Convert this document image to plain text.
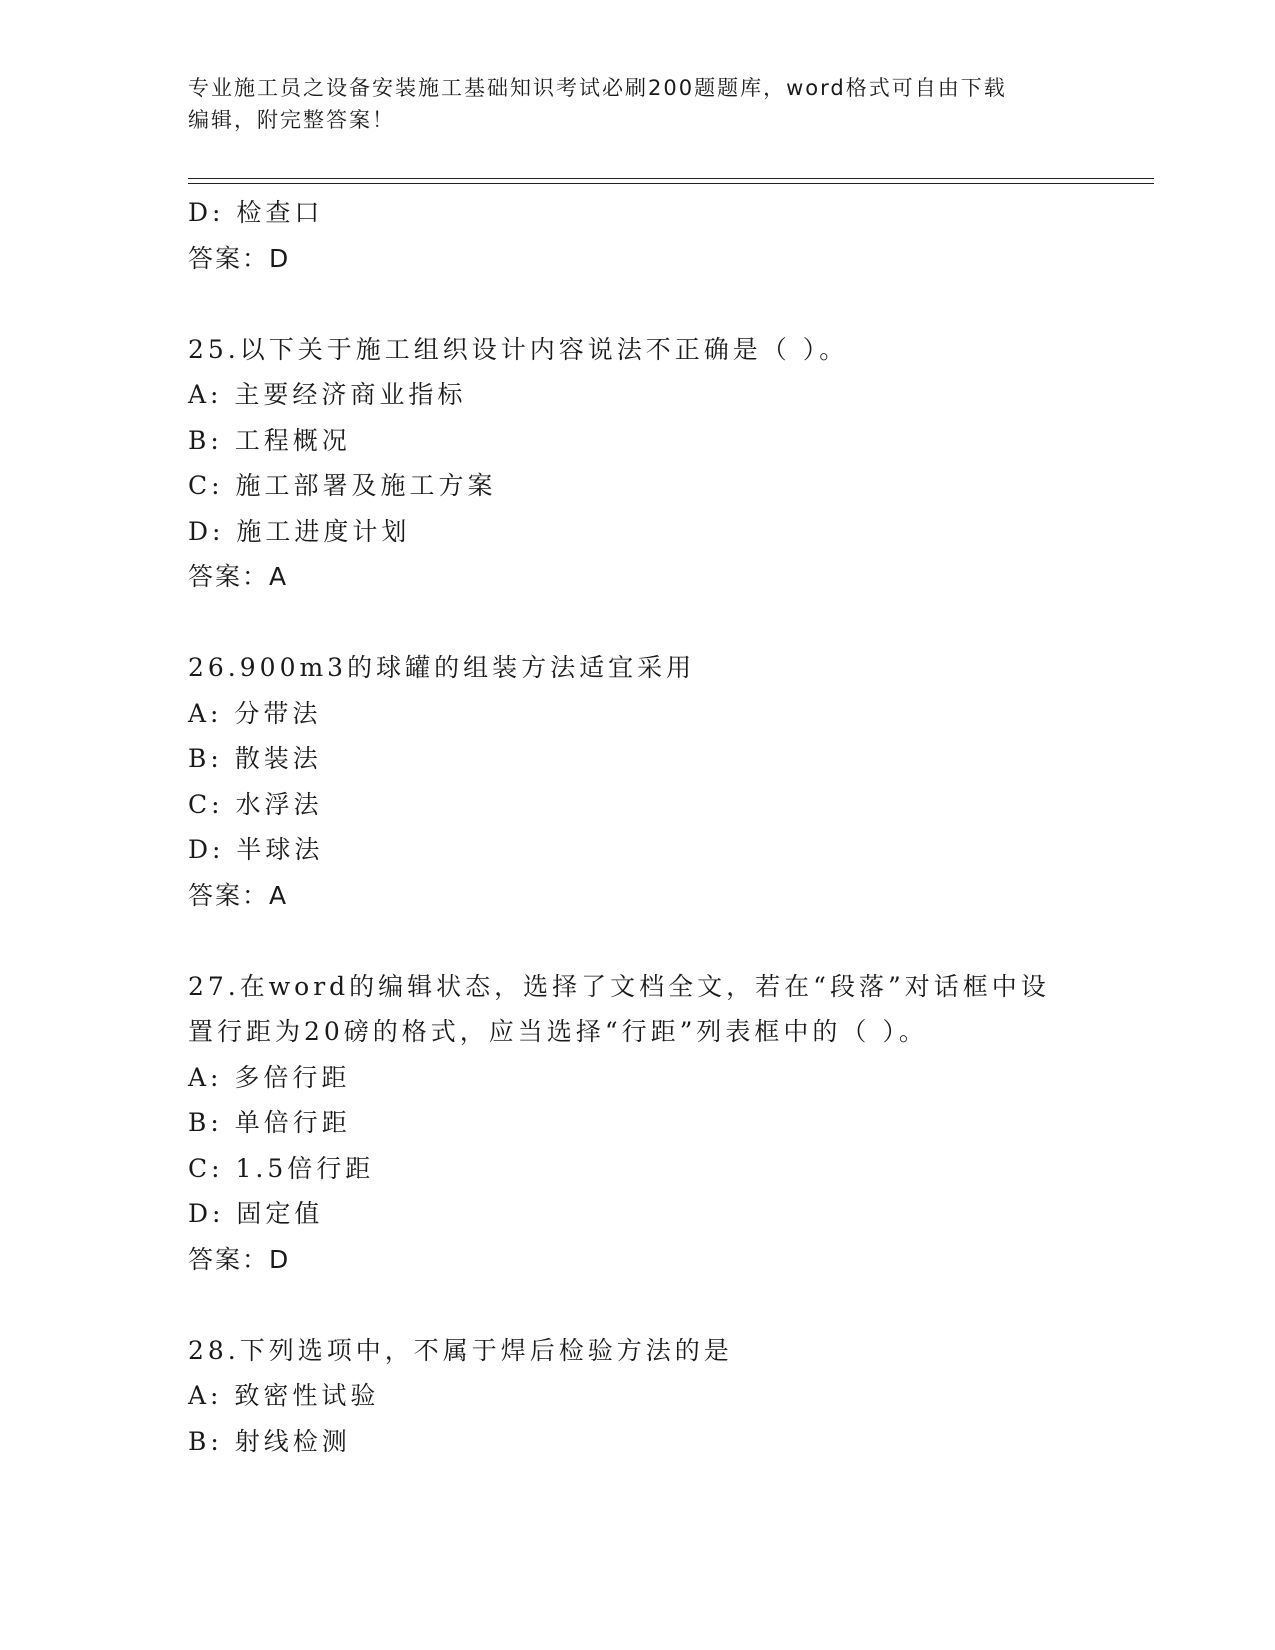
专业施工员之设备安装施工基础知识考试必刷200题题库，word格式可自由下载
编辑，附完整答案！
D: 检查口
答案：D
25.以下关于施工组织设计内容说法不正确是（ ）。
A: 主要经济商业指标
B: 工程概况
C: 施工部署及施工方案
D: 施工进度计划
答案：A
26.900m3的球罐的组装方法适宜采用
A: 分带法
B: 散装法
C: 水浮法
D: 半球法
答案：A
27.在word的编辑状态，选择了文档全文，若在“段落”对话框中设
置行距为20磅的格式，应当选择“行距”列表框中的（ ）。
A: 多倍行距
B: 单倍行距
C: 1.5倍行距
D: 固定值
答案：D
28.下列选项中，不属于焊后检验方法的是
A: 致密性试验
B: 射线检测
